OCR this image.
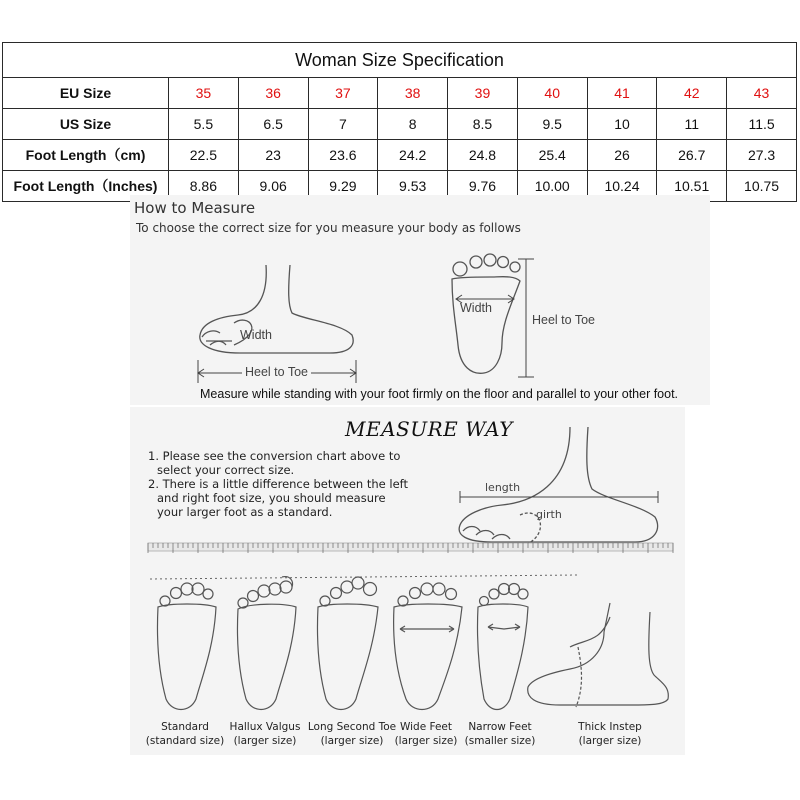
Woman Size Specification									
EU Size	35	36	37	38	39	40	41	42	43
US Size	5.5	6.5	7	8	8.5	9.5	10	11	11.5
Foot Length（cm)	22.5	23	23.6	24.2	24.8	25.4	26	26.7	27.3
Foot Length（Inches)	8.86	9.06	9.29	9.53	9.76	10.00	10.24	10.51	10.75
How to Measure
To choose the correct size for you measure your body as follows
Width
Heel to Toe
Width
Heel to Toe
Measure while standing with your foot firmly on the floor and parallel to your other foot.
MEASURE WAY
1. Please see the conversion chart above to
select your correct size.
2. There is a little difference between the left
and right foot size, you should measure
your larger foot as a standard.
length
girth
Standard
(standard size)
Hallux Valgus
(larger size)
Long Second Toe
(larger size)
Wide Feet
(larger size)
Narrow Feet
(smaller size)
Thick Instep
(larger size)
